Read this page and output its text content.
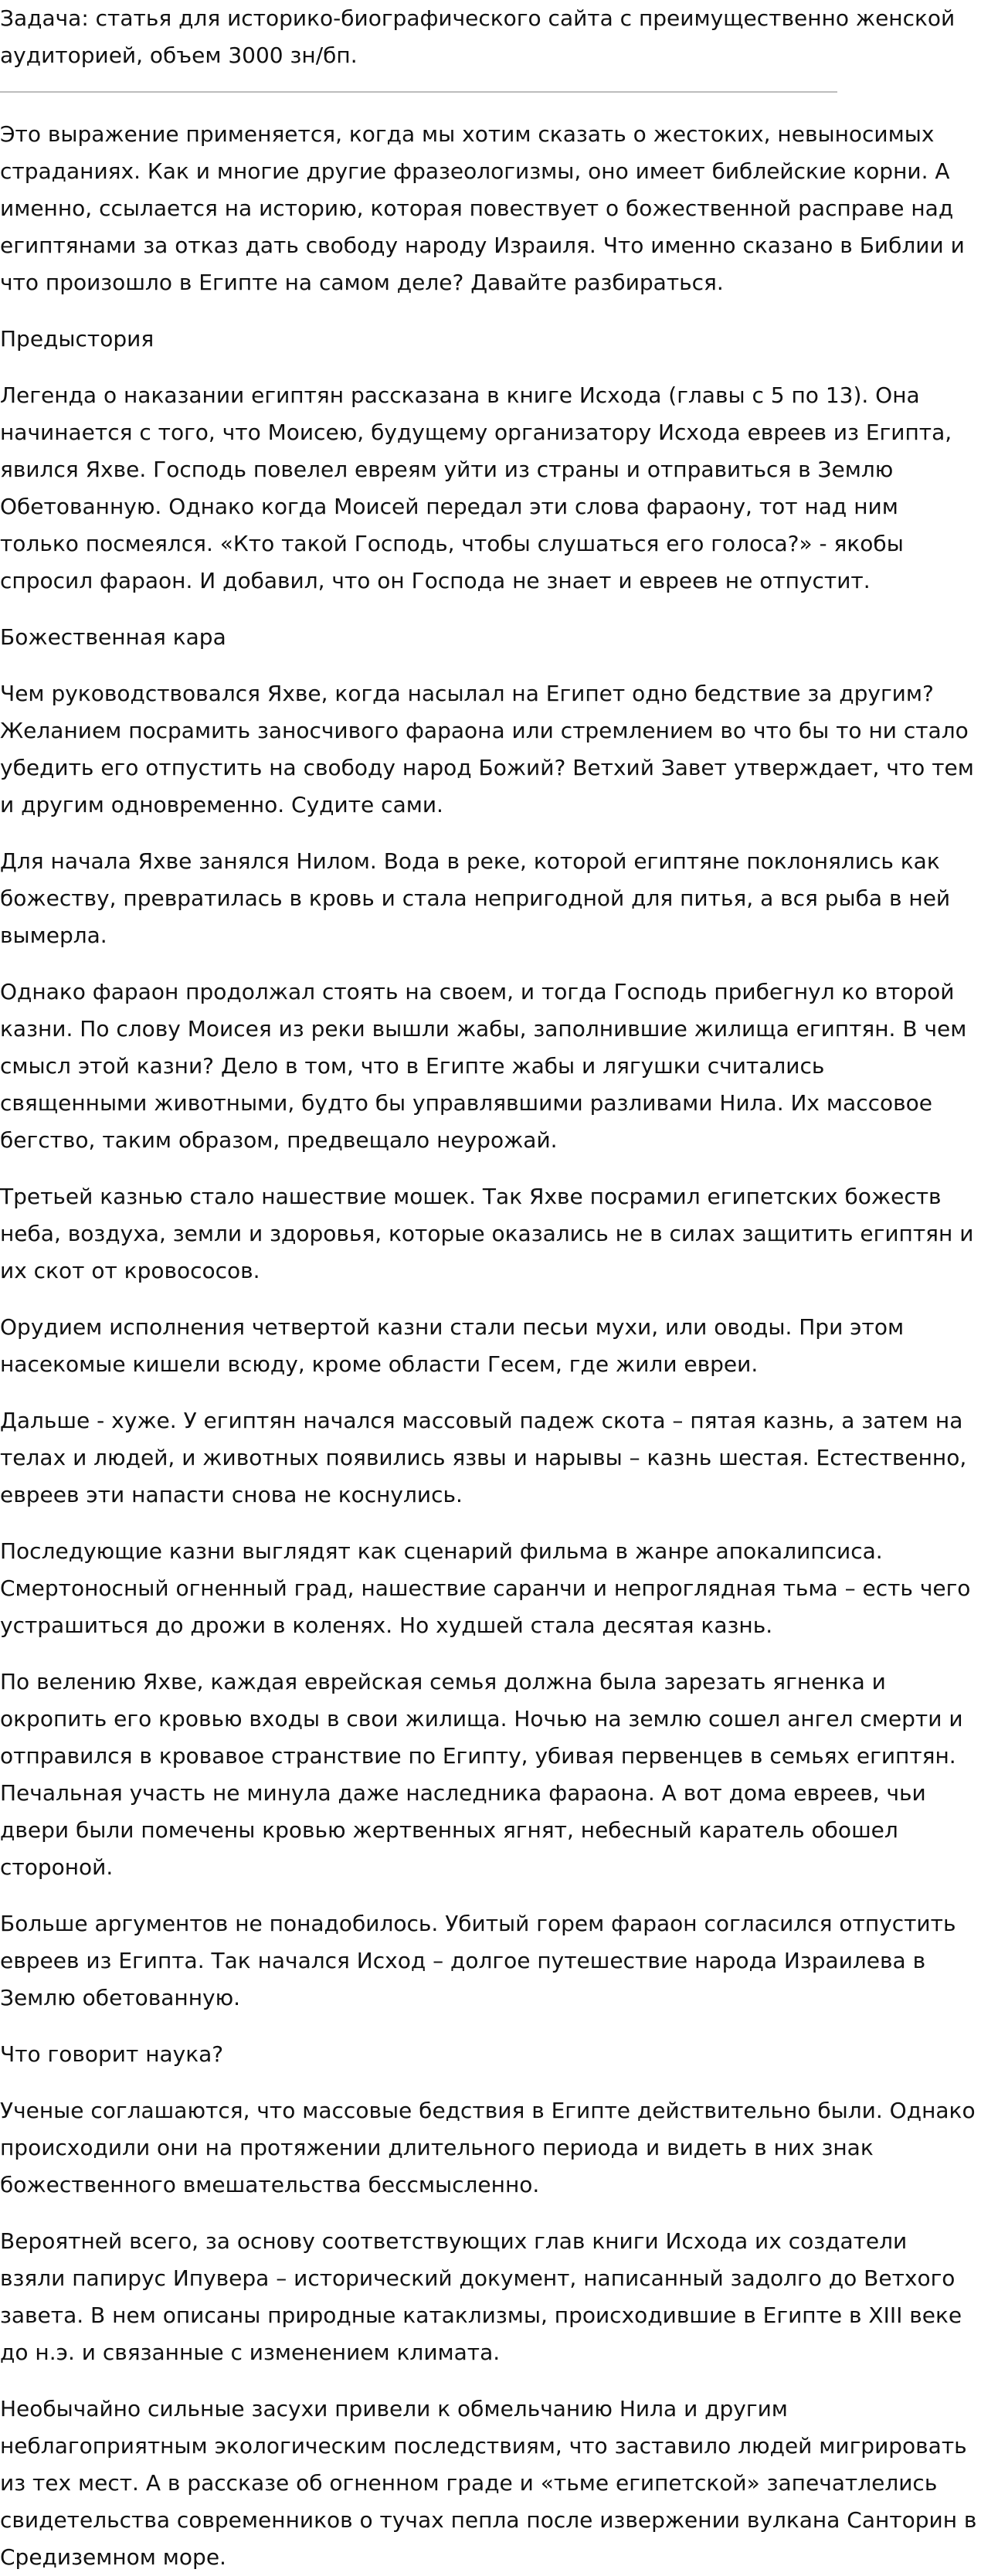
Задача: статья для историко-биографического сайта с преимущественно женской аудиторией, объем 3000 зн/бп.

Это выражение применяется, когда мы хотим сказать о жестоких, невыносимых страданиях. Как и многие другие фразеологизмы, оно имеет библейские корни. А именно, ссылается на историю, которая повествует о божественной расправе над египтянами за отказ дать свободу народу Израиля. Что именно сказано в Библии и что произошло в Египте на самом деле? Давайте разбираться.

Предыстория

Легенда о наказании египтян рассказана в книге Исхода (главы с 5 по 13). Она начинается с того, что Моисею, будущему организатору Исхода евреев из Египта, явился Яхве. Господь повелел евреям уйти из страны и отправиться в Землю Обетованную. Однако когда Моисей передал эти слова фараону, тот над ним только посмеялся. «Кто такой Господь, чтобы слушаться его голоса?» - якобы спросил фараон. И добавил, что он Господа не знает и евреев не отпустит.

Божественная кара

Чем руководствовался Яхве, когда насылал на Египет одно бедствие за другим? Желанием посрамить заносчивого фараона или стремлением во что бы то ни стало убедить его отпустить на свободу народ Божий? Ветхий Завет утверждает, что тем и другим одновременно. Судите сами.

Для начала Яхве занялся Нилом. Вода в реке, которой египтяне поклонялись как божеству, превратилась в кровь и стала непригодной для питья, а вся рыба в ней вымерла.

Однако фараон продолжал стоять на своем, и тогда Господь прибегнул ко второй казни. По слову Моисея из реки вышли жабы, заполнившие жилища египтян. В чем смысл этой казни? Дело в том, что в Египте жабы и лягушки считались священными животными, будто бы управлявшими разливами Нила. Их массовое бегство, таким образом, предвещало неурожай.

Третьей казнью стало нашествие мошек. Так Яхве посрамил египетских божеств неба, воздуха, земли и здоровья, которые оказались не в силах защитить египтян и их скот от кровососов.

Орудием исполнения четвертой казни стали песьи мухи, или оводы. При этом насекомые кишели всюду, кроме области Гесем, где жили евреи.

Дальше - хуже. У египтян начался массовый падеж скота – пятая казнь, а затем на телах и людей, и животных появились язвы и нарывы – казнь шестая. Естественно, евреев эти напасти снова не коснулись.

Последующие казни выглядят как сценарий фильма в жанре апокалипсиса. Смертоносный огненный град, нашествие саранчи и непроглядная тьма – есть чего устрашиться до дрожи в коленях. Но худшей стала десятая казнь.

По велению Яхве, каждая еврейская семья должна была зарезать ягненка и окропить его кровью входы в свои жилища. Ночью на землю сошел ангел смерти и отправился в кровавое странствие по Египту, убивая первенцев в семьях египтян. Печальная участь не минула даже наследника фараона. А вот дома евреев, чьи двери были помечены кровью жертвенных ягнят, небесный каратель обошел стороной.

Больше аргументов не понадобилось. Убитый горем фараон согласился отпустить евреев из Египта. Так начался Исход – долгое путешествие народа Израилева в Землю обетованную.

Что говорит наука?

Ученые соглашаются, что массовые бедствия в Египте действительно были. Однако происходили они на протяжении длительного периода и видеть в них знак божественного вмешательства бессмысленно.

Вероятней всего, за основу соответствующих глав книги Исхода их создатели взяли папирус Ипувера – исторический документ, написанный задолго до Ветхого завета. В нем описаны природные катаклизмы, происходившие в Египте в XIII веке до н.э. и связанные с изменением климата.

Необычайно сильные засухи привели к обмельчанию Нила и другим неблагоприятным экологическим последствиям, что заставило людей мигрировать из тех мест. А в рассказе об огненном граде и «тьме египетской» запечатлелись свидетельства современников о тучах пепла после извержении вулкана Санторин в Средиземном море.
